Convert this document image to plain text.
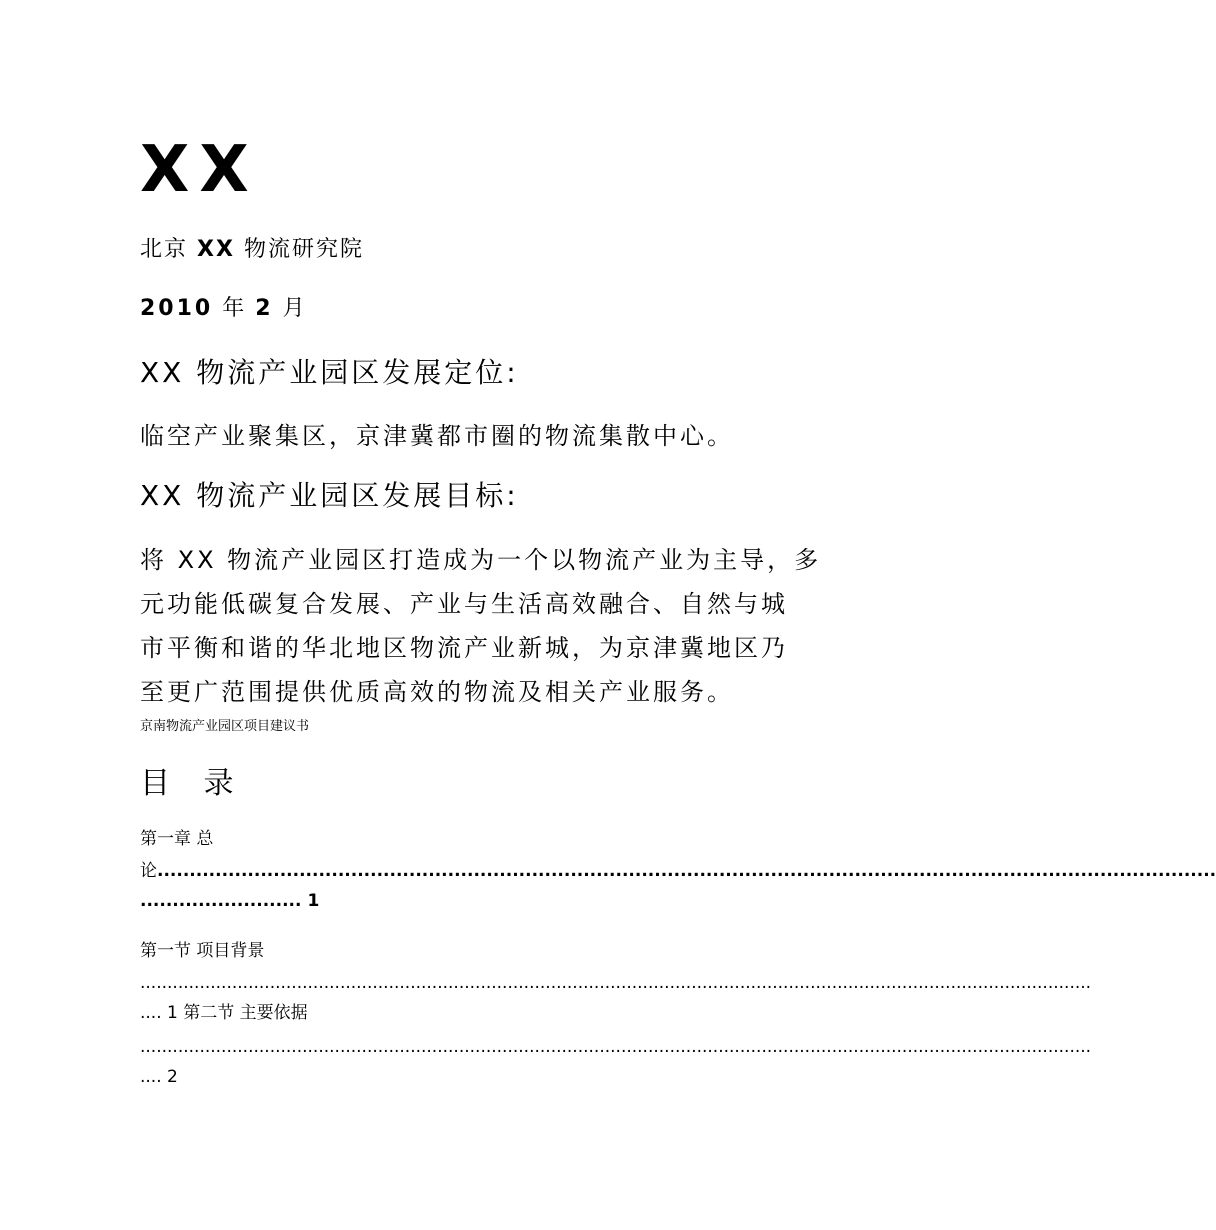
XX
北京 XX 物流研究院
2010 年 2 月
XX 物流产业园区发展定位:
临空产业聚集区，京津冀都市圈的物流集散中心。
XX 物流产业园区发展目标:
将 XX 物流产业园区打造成为一个以物流产业为主导，多
元功能低碳复合发展、产业与生活高效融合、自然与城
市平衡和谐的华北地区物流产业新城，为京津冀地区乃
至更广范围提供优质高效的物流及相关产业服务。
京南物流产业园区项目建议书
目 录
第一章 总
论....................................................................................................................................................................
......................... 1
第一节 项目背景
................................................................................................................................................................................
.... 1 第二节 主要依据
................................................................................................................................................................................
.... 2
